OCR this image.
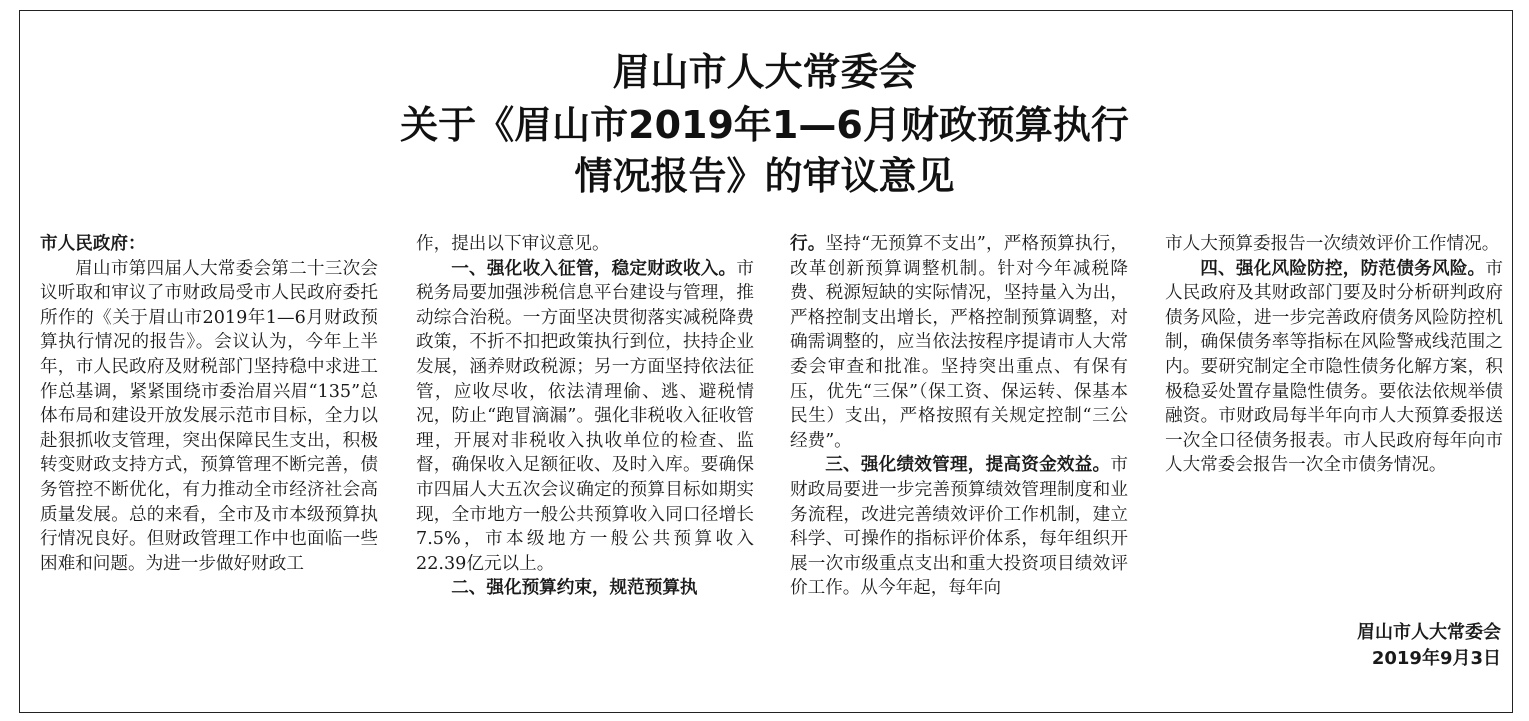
眉山市人大常委会
关于《眉山市2019年1—6月财政预算执行
情况报告》的审议意见

市人民政府：

眉山市第四届人大常委会第二十三次会议听取和审议了市财政局受市人民政府委托所作的《关于眉山市2019年1—6月财政预算执行情况的报告》。会议认为，今年上半年，市人民政府及财税部门坚持稳中求进工作总基调，紧紧围绕市委治眉兴眉“135”总体布局和建设开放发展示范市目标，全力以赴狠抓收支管理，突出保障民生支出，积极转变财政支持方式，预算管理不断完善，债务管控不断优化，有力推动全市经济社会高质量发展。总的来看，全市及市本级预算执行情况良好。但财政管理工作中也面临一些困难和问题。为进一步做好财政工

作，提出以下审议意见。

一、强化收入征管，稳定财政收入。市税务局要加强涉税信息平台建设与管理，推动综合治税。一方面坚决贯彻落实减税降费政策，不折不扣把政策执行到位，扶持企业发展，涵养财政税源；另一方面坚持依法征管，应收尽收，依法清理偷、逃、避税情况，防止“跑冒滴漏”。强化非税收入征收管理，开展对非税收入执收单位的检查、监督，确保收入足额征收、及时入库。要确保市四届人大五次会议确定的预算目标如期实现，全市地方一般公共预算收入同口径增长7.5%，市本级地方一般公共预算收入22.39亿元以上。

二、强化预算约束，规范预算执

行。坚持“无预算不支出”，严格预算执行，改革创新预算调整机制。针对今年减税降费、税源短缺的实际情况，坚持量入为出，严格控制支出增长，严格控制预算调整，对确需调整的，应当依法按程序提请市人大常委会审查和批准。坚持突出重点、有保有压，优先“三保”（保工资、保运转、保基本民生）支出，严格按照有关规定控制“三公经费”。

三、强化绩效管理，提高资金效益。市财政局要进一步完善预算绩效管理制度和业务流程，改进完善绩效评价工作机制，建立科学、可操作的指标评价体系，每年组织开展一次市级重点支出和重大投资项目绩效评价工作。从今年起，每年向

市人大预算委报告一次绩效评价工作情况。

四、强化风险防控，防范债务风险。市人民政府及其财政部门要及时分析研判政府债务风险，进一步完善政府债务风险防控机制，确保债务率等指标在风险警戒线范围之内。要研究制定全市隐性债务化解方案，积极稳妥处置存量隐性债务。要依法依规举债融资。市财政局每半年向市人大预算委报送一次全口径债务报表。市人民政府每年向市人大常委会报告一次全市债务情况。

眉山市人大常委会
2019年9月3日
